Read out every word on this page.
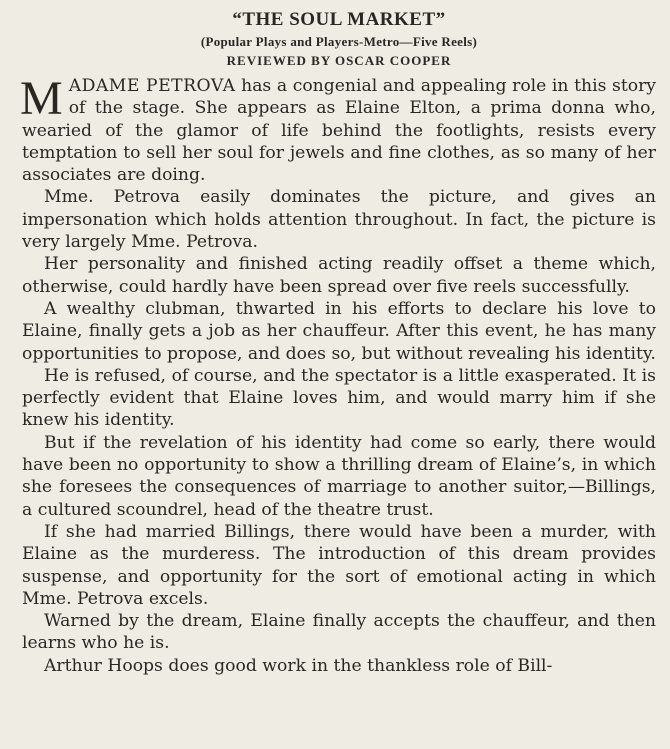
“THE SOUL MARKET”

(Popular Plays and Players-Metro—Five Reels)

REVIEWED BY OSCAR COOPER

MADAME PETROVA has a congenial and appealing role in this story of the stage. She appears as Elaine Elton, a prima donna who, wearied of the glamor of life behind the footlights, resists every temptation to sell her soul for jewels and fine clothes, as so many of her associates are doing.

Mme. Petrova easily dominates the picture, and gives an impersonation which holds attention throughout. In fact, the picture is very largely Mme. Petrova.

Her personality and finished acting readily offset a theme which, otherwise, could hardly have been spread over five reels successfully.

A wealthy clubman, thwarted in his efforts to declare his love to Elaine, finally gets a job as her chauffeur. After this event, he has many opportunities to propose, and does so, but without revealing his identity.

He is refused, of course, and the spectator is a little exasperated. It is perfectly evident that Elaine loves him, and would marry him if she knew his identity.

But if the revelation of his identity had come so early, there would have been no opportunity to show a thrilling dream of Elaine’s, in which she foresees the consequences of marriage to another suitor,—Billings, a cultured scoundrel, head of the theatre trust.

If she had married Billings, there would have been a murder, with Elaine as the murderess. The introduction of this dream provides suspense, and opportunity for the sort of emotional acting in which Mme. Petrova excels.

Warned by the dream, Elaine finally accepts the chauffeur, and then learns who he is.

Arthur Hoops does good work in the thankless role of Bill-
